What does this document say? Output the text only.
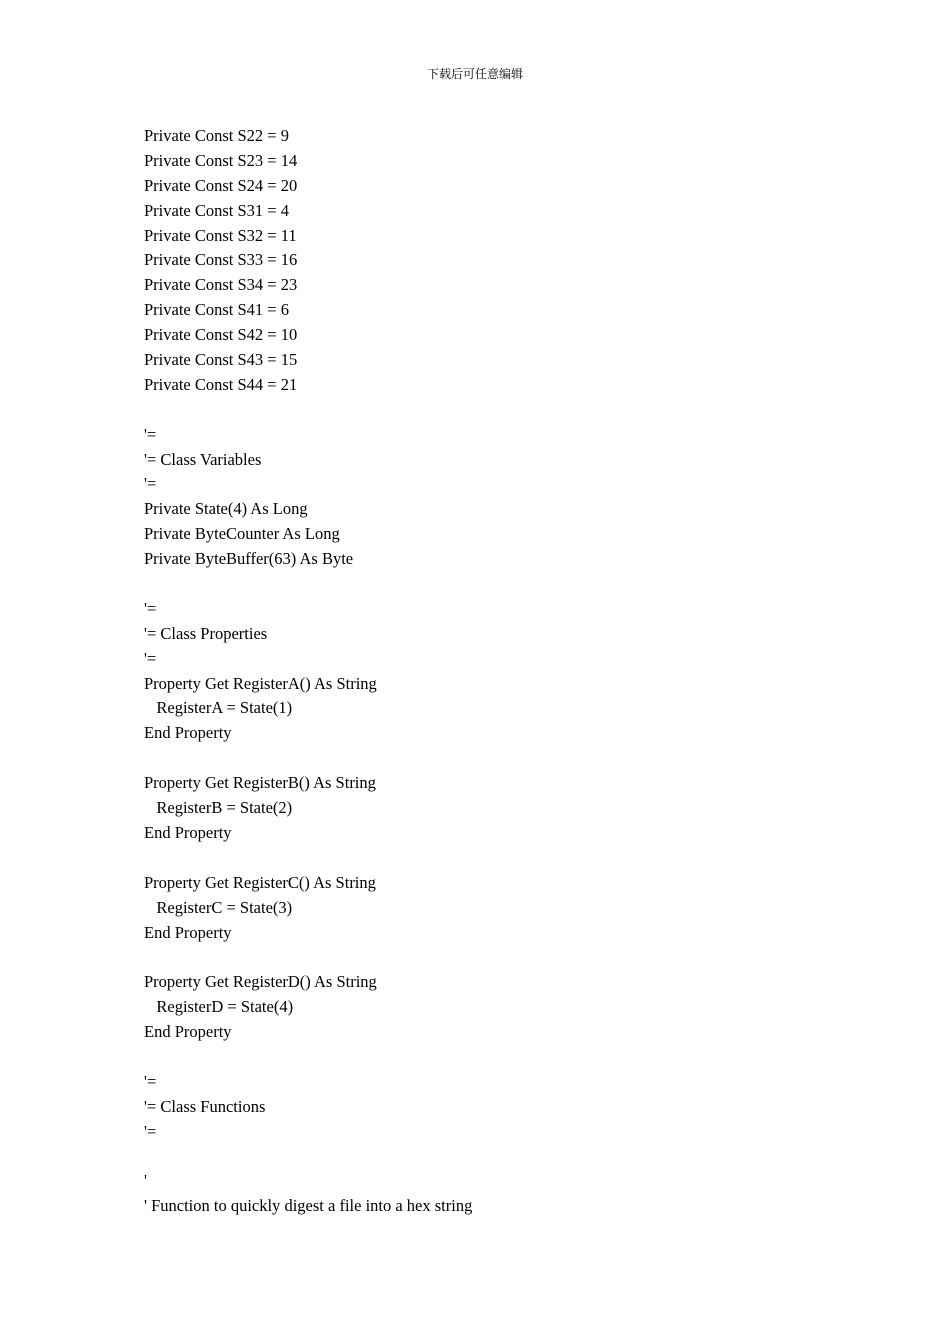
下载后可任意编辑
Private Const S22 = 9
Private Const S23 = 14
Private Const S24 = 20
Private Const S31 = 4
Private Const S32 = 11
Private Const S33 = 16
Private Const S34 = 23
Private Const S41 = 6
Private Const S42 = 10
Private Const S43 = 15
Private Const S44 = 21
'=
'= Class Variables
'=
Private State(4) As Long
Private ByteCounter As Long
Private ByteBuffer(63) As Byte
'=
'= Class Properties
'=
Property Get RegisterA() As String
RegisterA = State(1)
End Property
Property Get RegisterB() As String
RegisterB = State(2)
End Property
Property Get RegisterC() As String
RegisterC = State(3)
End Property
Property Get RegisterD() As String
RegisterD = State(4)
End Property
'=
'= Class Functions
'=
'
' Function to quickly digest a file into a hex string
